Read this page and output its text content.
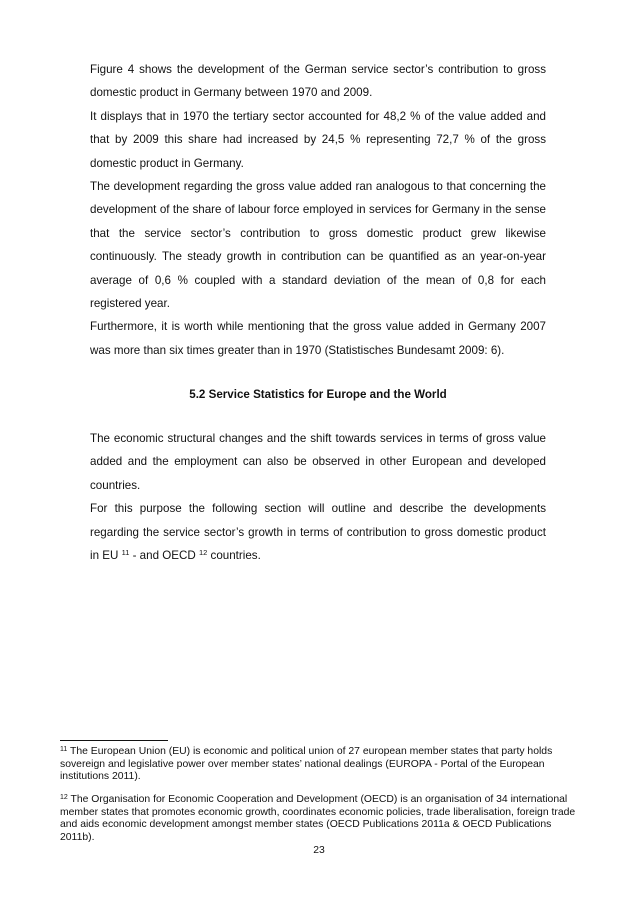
Figure 4 shows the development of the German service sector’s contribution to gross domestic product in Germany between 1970 and 2009.

It displays that in 1970 the tertiary sector accounted for 48,2 % of the value added and that by 2009 this share had increased by 24,5 % representing 72,7 % of the gross domestic product in Germany.

The development regarding the gross value added ran analogous to that concerning the development of the share of labour force employed in services for Germany in the sense that the service sector’s contribution to gross domestic product grew likewise continuously. The steady growth in contribution can be quantified as an year-on-year average of 0,6 % coupled with a standard deviation of the mean of 0,8 for each registered year.

Furthermore, it is worth while mentioning that the gross value added in Germany 2007 was more than six times greater than in 1970 (Statistisches Bundesamt 2009: 6).

5.2 Service Statistics for Europe and the World

The economic structural changes and the shift towards services in terms of gross value added and the employment can also be observed in other European and developed countries.

For this purpose the following section will outline and describe the developments regarding the service sector’s growth in terms of contribution to gross domestic product in EU $^{11}$ - and OECD $^{12}$ countries.

$^{11}$ The European Union (EU) is economic and political union of 27 european member states that party holds sovereign and legislative power over member states’ national dealings (EUROPA - Portal of the European institutions 2011).

$^{12}$ The Organisation for Economic Cooperation and Development (OECD) is an organisation of 34 international member states that promotes economic growth, coordinates economic policies, trade liberalisation, foreign trade and aids economic development amongst member states (OECD Publications 2011a & OECD Publications 2011b).

23
